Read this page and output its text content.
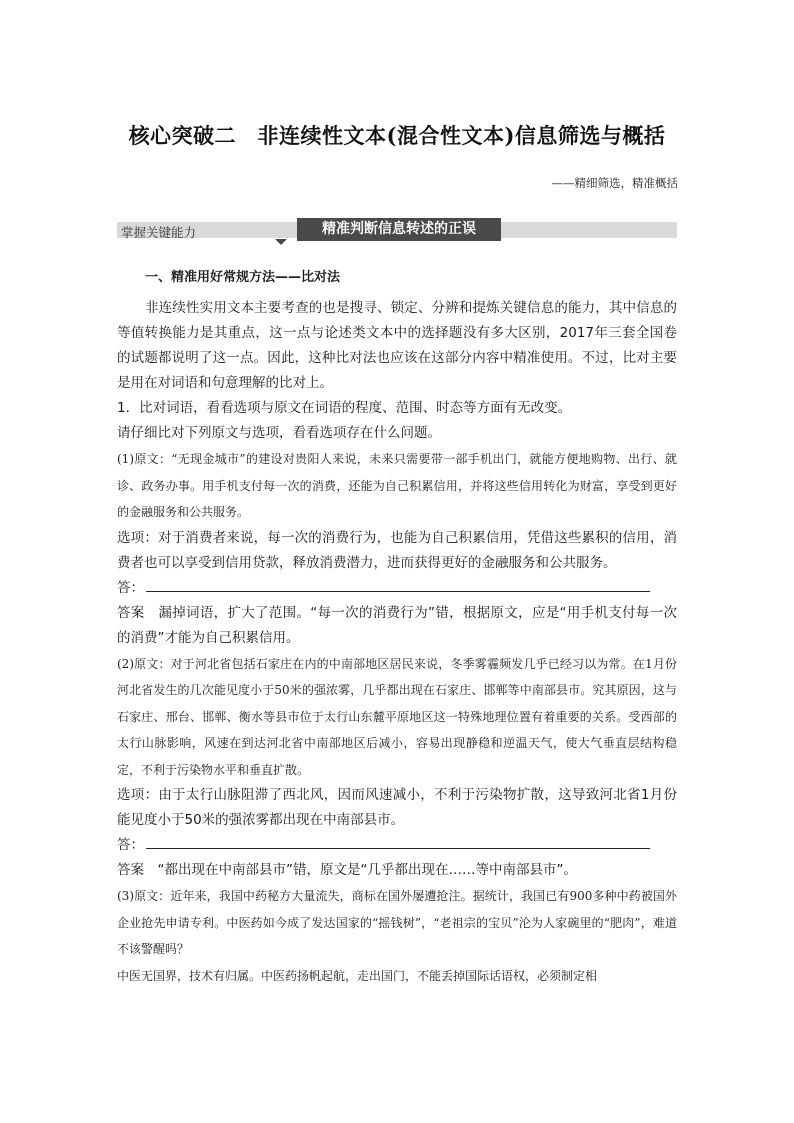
核心突破二　非连续性文本(混合性文本)信息筛选与概括
——精细筛选，精准概括
掌握关键能力	精准判断信息转述的正误
一、精准用好常规方法——比对法

非连续性实用文本主要考查的也是搜寻、锁定、分辨和提炼关键信息的能力，其中信息的等值转换能力是其重点，这一点与论述类文本中的选择题没有多大区别，2017年三套全国卷的试题都说明了这一点。因此，这种比对法也应该在这部分内容中精准使用。不过，比对主要是用在对词语和句意理解的比对上。

1．比对词语，看看选项与原文在词语的程度、范围、时态等方面有无改变。

请仔细比对下列原文与选项，看看选项存在什么问题。

(1)原文：“无现金城市”的建设对贵阳人来说，未来只需要带一部手机出门，就能方便地购物、出行、就诊、政务办事。用手机支付每一次的消费，还能为自己积累信用，并将这些信用转化为财富，享受到更好的金融服务和公共服务。

选项：对于消费者来说，每一次的消费行为，也能为自己积累信用，凭借这些累积的信用，消费者也可以享受到信用贷款，释放消费潜力，进而获得更好的金融服务和公共服务。

答：

答案　漏掉词语，扩大了范围。“每一次的消费行为”错，根据原文，应是“用手机支付每一次的消费”才能为自己积累信用。

(2)原文：对于河北省包括石家庄在内的中南部地区居民来说，冬季雾霾频发几乎已经习以为常。在1月份河北省发生的几次能见度小于50米的强浓雾，几乎都出现在石家庄、邯郸等中南部县市。究其原因，这与石家庄、邢台、邯郸、衡水等县市位于太行山东麓平原地区这一特殊地理位置有着重要的关系。受西部的太行山脉影响，风速在到达河北省中南部地区后减小，容易出现静稳和逆温天气，使大气垂直层结构稳定，不利于污染物水平和垂直扩散。

选项：由于太行山脉阻滞了西北风，因而风速减小，不利于污染物扩散，这导致河北省1月份能见度小于50米的强浓雾都出现在中南部县市。

答：

答案　“都出现在中南部县市”错，原文是“几乎都出现在……等中南部县市”。

(3)原文：近年来，我国中药秘方大量流失，商标在国外屡遭抢注。据统计，我国已有900多种中药被国外企业抢先申请专利。中医药如今成了发达国家的“摇钱树”，“老祖宗的宝贝”沦为人家碗里的“肥肉”，难道不该警醒吗？

中医无国界，技术有归属。中医药扬帆起航，走出国门，不能丢掉国际话语权，必须制定相
